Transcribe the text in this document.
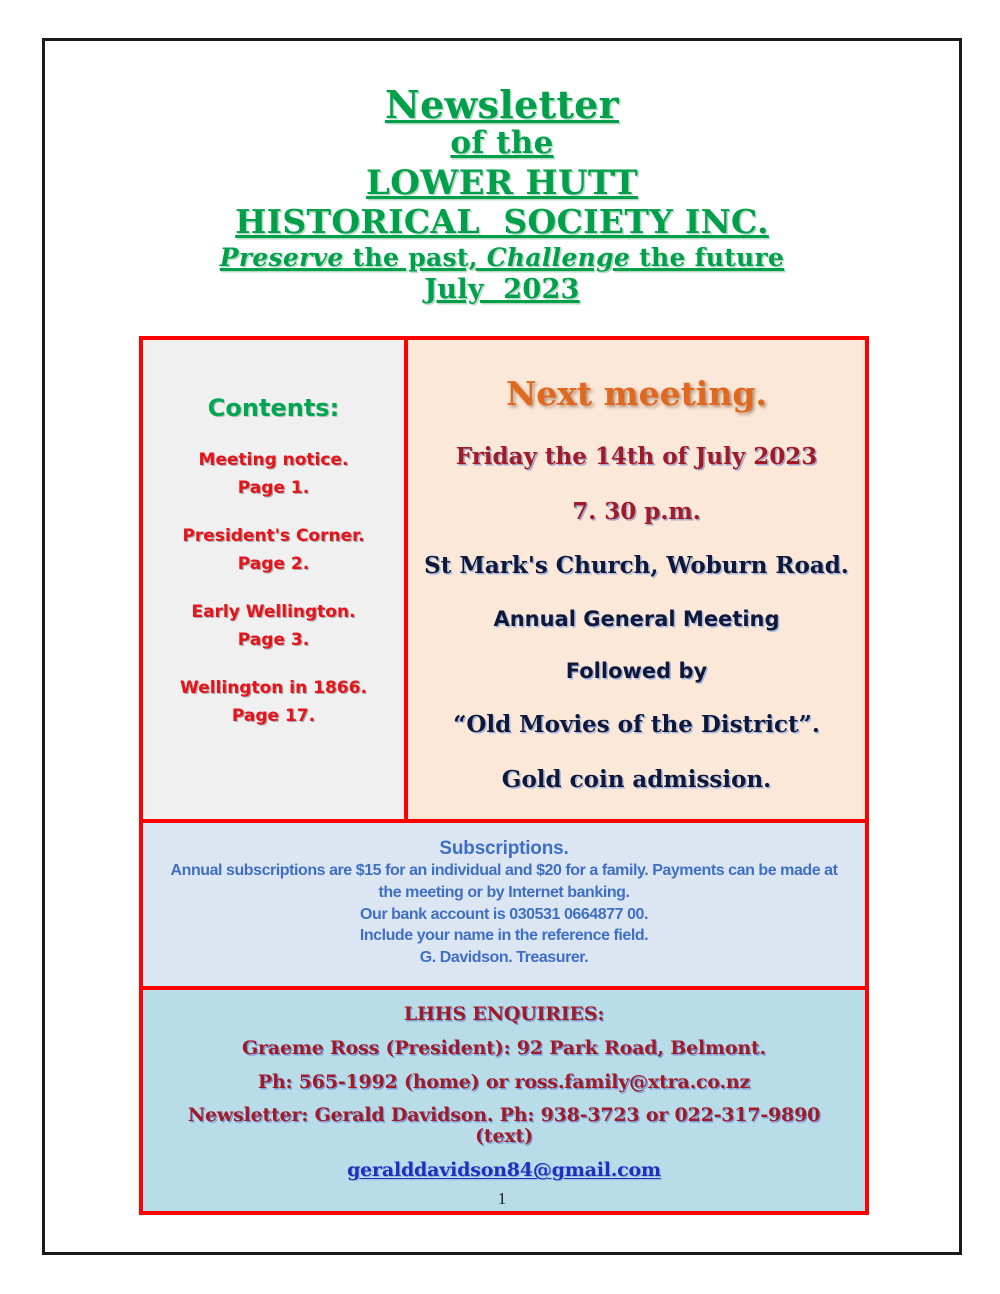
Newsletter
of the
LOWER HUTT
HISTORICAL  SOCIETY INC.
Preserve the past, Challenge the future
July  2023
Contents:
Meeting notice.
Page 1.
President's Corner.
Page 2.
Early Wellington.
Page 3.
Wellington in 1866.
Page 17.
Next meeting.
Friday the 14th of July 2023
7. 30 p.m.
St Mark's Church, Woburn Road.
Annual General Meeting
Followed by
“Old Movies of the District”.
Gold coin admission.
Subscriptions.
Annual subscriptions are $15 for an individual and $20 for a family. Payments can be made at the meeting or by Internet banking.
Our bank account is 030531 0664877 00.
Include your name in the reference field.
G. Davidson. Treasurer.
LHHS ENQUIRIES:
Graeme Ross (President): 92 Park Road, Belmont.
Ph: 565-1992 (home) or ross.family@xtra.co.nz
Newsletter: Gerald Davidson. Ph: 938-3723 or 022-317-9890 (text)
geralddavidson84@gmail.com
1
